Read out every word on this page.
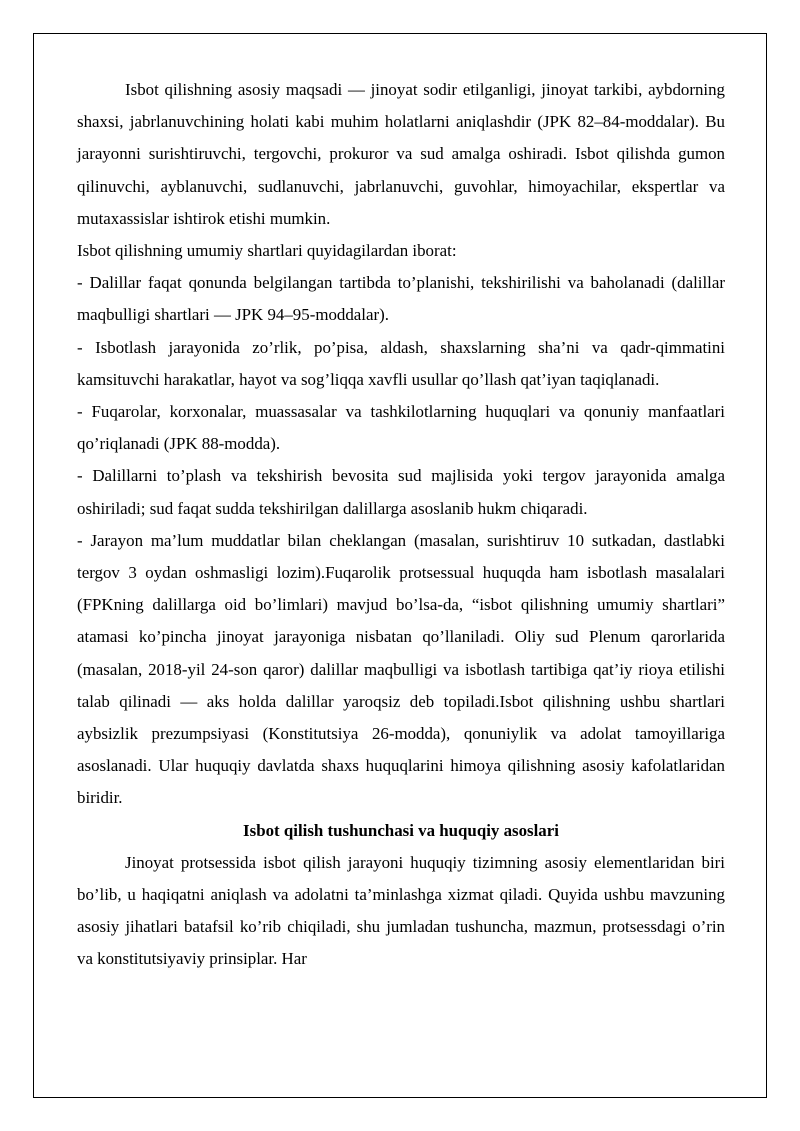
Isbot qilishning asosiy maqsadi — jinoyat sodir etilganligi, jinoyat tarkibi, aybdorning shaxsi, jabrlanuvchining holati kabi muhim holatlarni aniqlashdir (JPK 82–84-moddalar). Bu jarayonni surishtiruvchi, tergovchi, prokuror va sud amalga oshiradi. Isbot qilishda gumon qilinuvchi, ayblanuvchi, sudlanuvchi, jabrlanuvchi, guvohlar, himoyachilar, ekspertlar va mutaxassislar ishtirok etishi mumkin.

Isbot qilishning umumiy shartlari quyidagilardan iborat:

- Dalillar faqat qonunda belgilangan tartibda to’planishi, tekshirilishi va baholanadi (dalillar maqbulligi shartlari — JPK 94–95-moddalar).

- Isbotlash jarayonida zo’rlik, po’pisa, aldash, shaxslarning sha’ni va qadr-qimmatini kamsituvchi harakatlar, hayot va sog’liqqa xavfli usullar qo’llash qat’iyan taqiqlanadi.

- Fuqarolar, korxonalar, muassasalar va tashkilotlarning huquqlari va qonuniy manfaatlari qo’riqlanadi (JPK 88-modda).

- Dalillarni to’plash va tekshirish bevosita sud majlisida yoki tergov jarayonida amalga oshiriladi; sud faqat sudda tekshirilgan dalillarga asoslanib hukm chiqaradi.

- Jarayon ma’lum muddatlar bilan cheklangan (masalan, surishtiruv 10 sutkadan, dastlabki tergov 3 oydan oshmasligi lozim).Fuqarolik protsessual huquqda ham isbotlash masalalari (FPKning dalillarga oid bo’limlari) mavjud bo’lsa-da, “isbot qilishning umumiy shartlari” atamasi ko’pincha jinoyat jarayoniga nisbatan qo’llaniladi. Oliy sud Plenum qarorlarida (masalan, 2018-yil 24-son qaror) dalillar maqbulligi va isbotlash tartibiga qat’iy rioya etilishi talab qilinadi — aks holda dalillar yaroqsiz deb topiladi.Isbot qilishning ushbu shartlari aybsizlik prezumpsiyasi (Konstitutsiya 26-modda), qonuniylik va adolat tamoyillariga asoslanadi. Ular huquqiy davlatda shaxs huquqlarini himoya qilishning asosiy kafolatlaridan biridir.

Isbot qilish tushunchasi va huquqiy asoslari

Jinoyat protsessida isbot qilish jarayoni huquqiy tizimning asosiy elementlaridan biri bo’lib, u haqiqatni aniqlash va adolatni ta’minlashga xizmat qiladi. Quyida ushbu mavzuning asosiy jihatlari batafsil ko’rib chiqiladi, shu jumladan tushuncha, mazmun, protsessdagi o’rin va konstitutsiyaviy prinsiplar. Har
